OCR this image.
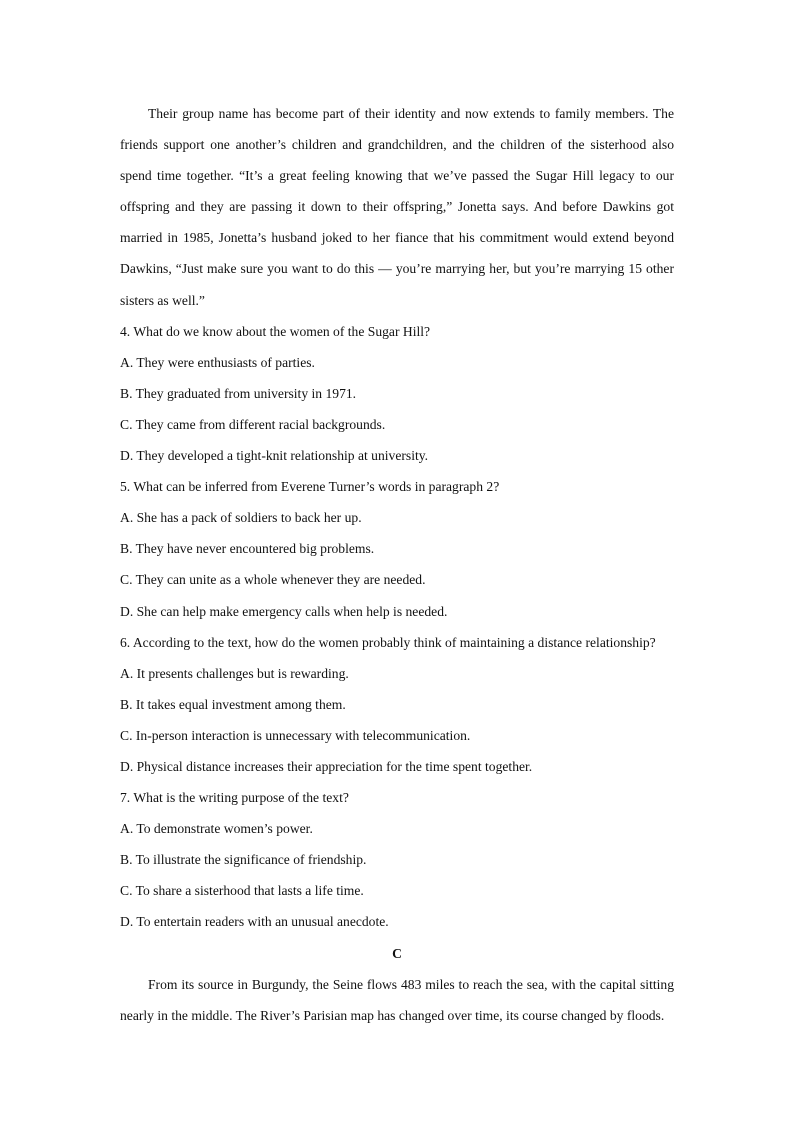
Their group name has become part of their identity and now extends to family members. The friends support one another’s children and grandchildren, and the children of the sisterhood also spend time together. “It’s a great feeling knowing that we’ve passed the Sugar Hill legacy to our offspring and they are passing it down to their offspring,” Jonetta says. And before Dawkins got married in 1985, Jonetta’s husband joked to her fiance that his commitment would extend beyond Dawkins, “Just make sure you want to do this — you’re marrying her, but you’re marrying 15 other sisters as well.”

4. What do we know about the women of the Sugar Hill?

A. They were enthusiasts of parties.

B. They graduated from university in 1971.

C. They came from different racial backgrounds.

D. They developed a tight-knit relationship at university.

5. What can be inferred from Everene Turner’s words in paragraph 2?

A. She has a pack of soldiers to back her up.

B. They have never encountered big problems.

C. They can unite as a whole whenever they are needed.

D. She can help make emergency calls when help is needed.

6. According to the text, how do the women probably think of maintaining a distance relationship?

A. It presents challenges but is rewarding.

B. It takes equal investment among them.

C. In-person interaction is unnecessary with telecommunication.

D. Physical distance increases their appreciation for the time spent together.

7. What is the writing purpose of the text?

A. To demonstrate women’s power.

B. To illustrate the significance of friendship.

C. To share a sisterhood that lasts a life time.

D. To entertain readers with an unusual anecdote.

C

From its source in Burgundy, the Seine flows 483 miles to reach the sea, with the capital sitting nearly in the middle. The River’s Parisian map has changed over time, its course changed by floods.
